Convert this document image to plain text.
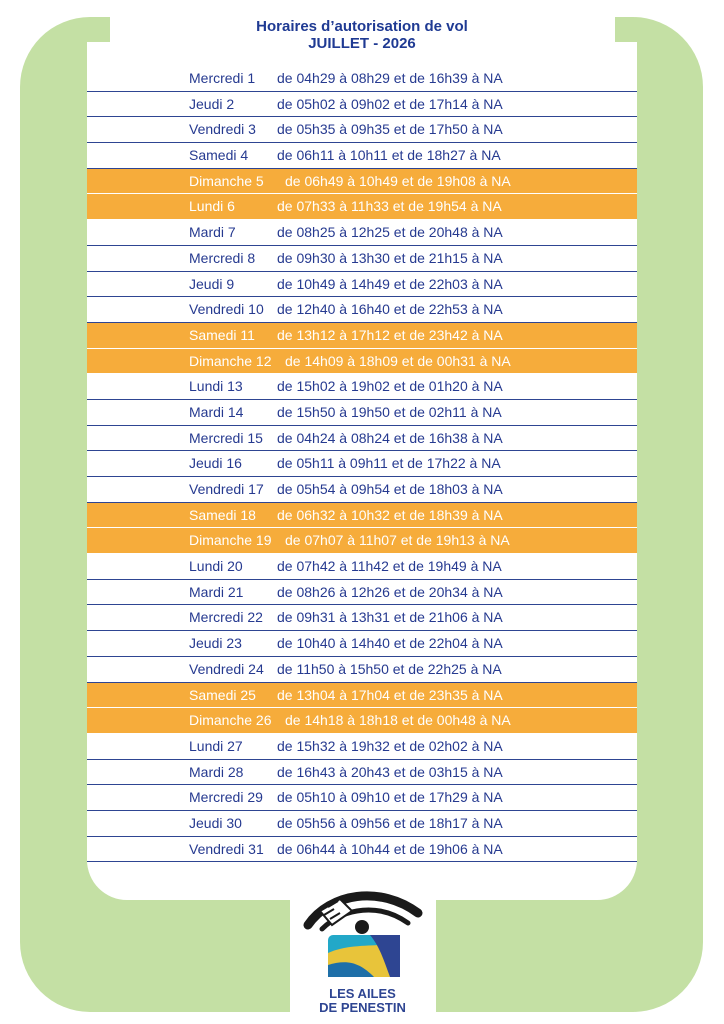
Horaires d’autorisation de vol
JUILLET - 2026
Mercredi 1 de 04h29 à 08h29 et de 16h39 à NA
Jeudi 2	de 05h02 à 09h02 et de 17h14 à NA
Vendredi 3 de 05h35 à 09h35 et de 17h50 à NA
Samedi 4 de 06h11 à 10h11 et de 18h27 à NA
Dimanche 5 de 06h49 à 10h49 et de 19h08 à NA
Lundi 6	de 07h33 à 11h33 et de 19h54 à NA
Mardi 7	de 08h25 à 12h25 et de 20h48 à NA
Mercredi 8 de 09h30 à 13h30 et de 21h15 à NA
Jeudi 9	de 10h49 à 14h49 et de 22h03 à NA
Vendredi 10 de 12h40 à 16h40 et de 22h53 à NA
Samedi 11 de 13h12 à 17h12 et de 23h42 à NA
Dimanche 12 de 14h09 à 18h09 et de 00h31 à NA
Lundi 13 de 15h02 à 19h02 et de 01h20 à NA
Mardi 14 de 15h50 à 19h50 et de 02h11 à NA
Mercredi 15 de 04h24 à 08h24 et de 16h38 à NA
Jeudi 16	de 05h11 à 09h11 et de 17h22 à NA
Vendredi 17 de 05h54 à 09h54 et de 18h03 à NA
Samedi 18 de 06h32 à 10h32 et de 18h39 à NA
Dimanche 19 de 07h07 à 11h07 et de 19h13 à NA
Lundi 20 de 07h42 à 11h42 et de 19h49 à NA
Mardi 21 de 08h26 à 12h26 et de 20h34 à NA
Mercredi 22 de 09h31 à 13h31 et de 21h06 à NA
Jeudi 23	de 10h40 à 14h40 et de 22h04 à NA
Vendredi 24 de 11h50 à 15h50 et de 22h25 à NA
Samedi 25 de 13h04 à 17h04 et de 23h35 à NA
Dimanche 26 de 14h18 à 18h18 et de 00h48 à NA
Lundi 27 de 15h32 à 19h32 et de 02h02 à NA
Mardi 28 de 16h43 à 20h43 et de 03h15 à NA
Mercredi 29 de 05h10 à 09h10 et de 17h29 à NA
Jeudi 30	de 05h56 à 09h56 et de 18h17 à NA
Vendredi 31 de 06h44 à 10h44 et de 19h06 à NA
LES AILES
DE PENESTIN
